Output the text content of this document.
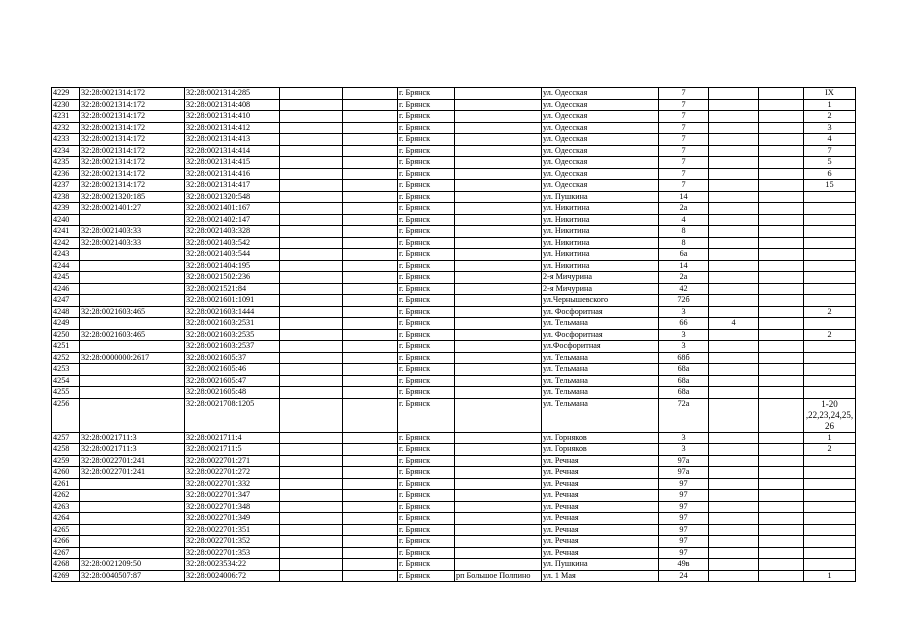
4229	32:28:0021314:172	32:28:0021314:285			г. Брянск		ул. Одесская	7			IX
4230	32:28:0021314:172	32:28:0021314:408			г. Брянск		ул. Одесская	7			1
4231	32:28:0021314:172	32:28:0021314:410			г. Брянск		ул. Одесская	7			2
4232	32:28:0021314:172	32:28:0021314:412			г. Брянск		ул. Одесская	7			3
4233	32:28:0021314:172	32:28:0021314:413			г. Брянск		ул. Одесская	7			4
4234	32:28:0021314:172	32:28:0021314:414			г. Брянск		ул. Одесская	7			7
4235	32:28:0021314:172	32:28:0021314:415			г. Брянск		ул. Одесская	7			5
4236	32:28:0021314:172	32:28:0021314:416			г. Брянск		ул. Одесская	7			6
4237	32:28:0021314:172	32:28:0021314:417			г. Брянск		ул. Одесская	7			15
4238	32:28:0021320:185	32:28:0021320:548			г. Брянск		ул. Пушкина	14			
4239	32:28:0021401:27	32:28:0021401:167			г. Брянск		ул. Никитина	2а			
4240		32:28:0021402:147			г. Брянск		ул. Никитина	4			
4241	32:28:0021403:33	32:28:0021403:328			г. Брянск		ул. Никитина	8			
4242	32:28:0021403:33	32:28:0021403:542			г. Брянск		ул. Никитина	8			
4243		32:28:0021403:544			г. Брянск		ул. Никитина	6а			
4244		32:28:0021404:195			г. Брянск		ул. Никитина	14			
4245		32:28:0021502:236			г. Брянск		2-я Мичурина	2а			
4246		32:28:0021521:84			г. Брянск		2-я Мичурина	42			
4247		32:28:0021601:1091			г. Брянск		ул.Чернышевского	72б			
4248	32:28:0021603:465	32:28:0021603:1444			г. Брянск		ул. Фосфоритная	3			2
4249		32:28:0021603:2531			г. Брянск		ул. Тельмана	66	4		
4250	32:28:0021603:465	32:28:0021603:2535			г. Брянск		ул. Фосфоритная	3			2
4251		32:28:0021603:2537			г. Брянск		ул.Фосфоритная	3			
4252	32:28:0000000:2617	32:28:0021605:37			г. Брянск		ул. Тельмана	68б			
4253		32:28:0021605:46			г. Брянск		ул. Тельмана	68а			
4254		32:28:0021605:47			г. Брянск		ул. Тельмана	68а			
4255		32:28:0021605:48			г. Брянск		ул. Тельмана	68а			
4256		32:28:0021708:1205			г. Брянск		ул. Тельмана	72а			1-20 ,22,23,24,25, 26
4257	32:28:0021711:3	32:28:0021711:4			г. Брянск		ул. Горняков	3			1
4258	32:28:0021711:3	32:28:0021711:5			г. Брянск		ул. Горняков	3			2
4259	32:28:0022701:241	32:28:0022701:271			г. Брянск		ул. Речная	97а			
4260	32:28:0022701:241	32:28:0022701:272			г. Брянск		ул. Речная	97а			
4261		32:28:0022701:332			г. Брянск		ул. Речная	97			
4262		32:28:0022701:347			г. Брянск		ул. Речная	97			
4263		32:28:0022701:348			г. Брянск		ул. Речная	97			
4264		32:28:0022701:349			г. Брянск		ул. Речная	97			
4265		32:28:0022701:351			г. Брянск		ул. Речная	97			
4266		32:28:0022701:352			г. Брянск		ул. Речная	97			
4267		32:28:0022701:353			г. Брянск		ул. Речная	97			
4268	32:28:0021209:50	32:28:0023534:22			г. Брянск		ул. Пушкина	49в			
4269	32:28:0040507:87	32:28:0024006:72			г. Брянск	рп Большое Полпино	ул. 1 Мая	24			1
